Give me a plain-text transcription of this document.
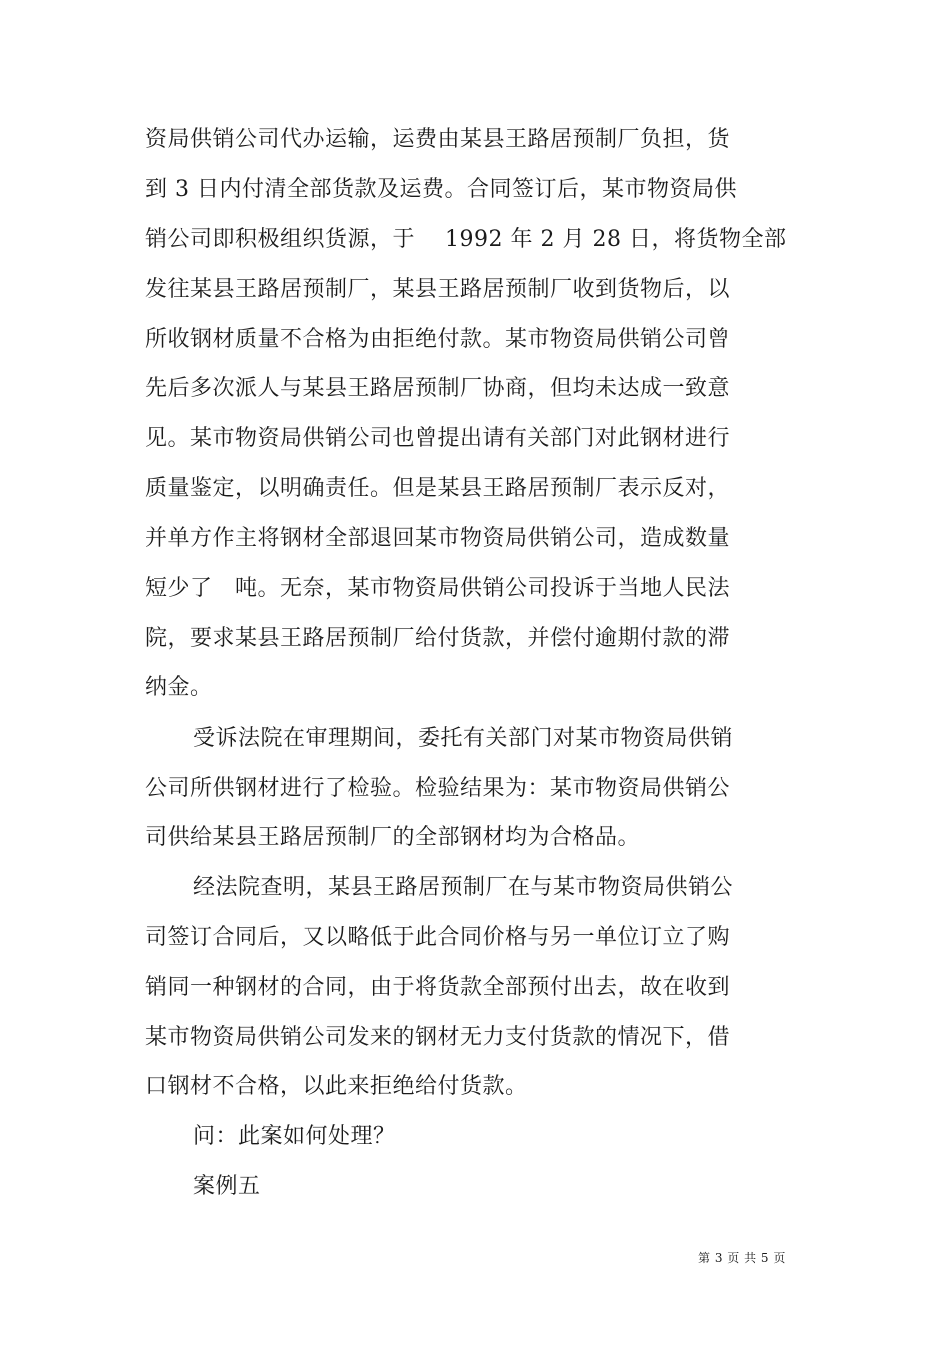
资局供销公司代办运输，运费由某县王路居预制厂负担，货
到 3 日内付清全部货款及运费。合同签订后，某市物资局供
销公司即积极组织货源，于 　1992 年 2 月 28 日，将货物全部
发往某县王路居预制厂，某县王路居预制厂收到货物后，以
所收钢材质量不合格为由拒绝付款。某市物资局供销公司曾
先后多次派人与某县王路居预制厂协商，但均未达成一致意
见。某市物资局供销公司也曾提出请有关部门对此钢材进行
质量鉴定，以明确责任。但是某县王路居预制厂表示反对，
并单方作主将钢材全部退回某市物资局供销公司，造成数量
短少了　吨。无奈，某市物资局供销公司投诉于当地人民法
院，要求某县王路居预制厂给付货款，并偿付逾期付款的滞
纳金。
受诉法院在审理期间，委托有关部门对某市物资局供销
公司所供钢材进行了检验。检验结果为：某市物资局供销公
司供给某县王路居预制厂的全部钢材均为合格品。
经法院查明，某县王路居预制厂在与某市物资局供销公
司签订合同后，又以略低于此合同价格与另一单位订立了购
销同一种钢材的合同，由于将货款全部预付出去，故在收到
某市物资局供销公司发来的钢材无力支付货款的情况下，借
口钢材不合格，以此来拒绝给付货款。
问：此案如何处理？
案例五
第 3 页 共 5 页
